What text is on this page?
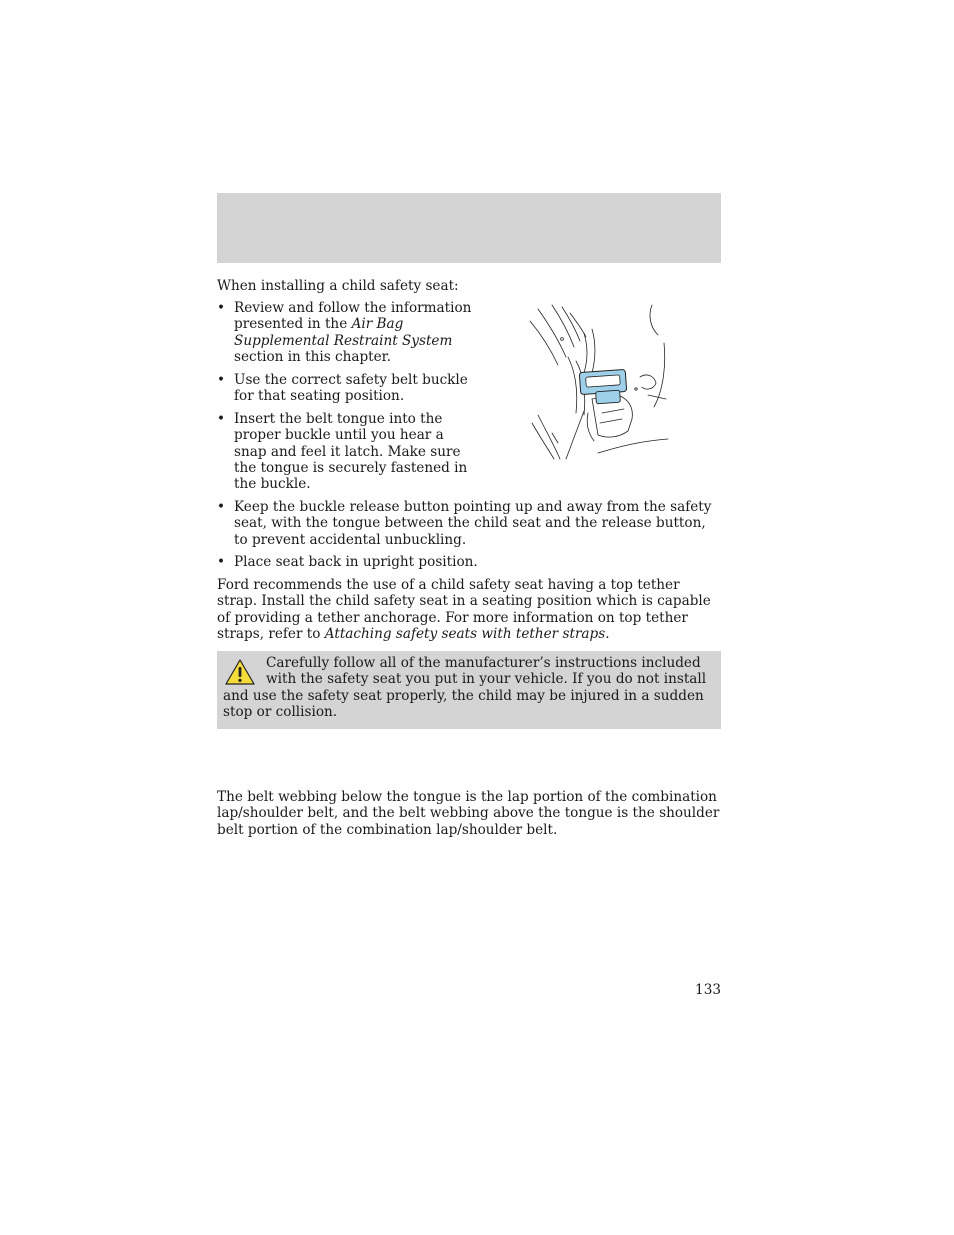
When installing a child safety seat:
• Review and follow the information
presented in the Air Bag
Supplemental Restraint System
section in this chapter.
• Use the correct safety belt buckle
for that seating position.
• Insert the belt tongue into the
proper buckle until you hear a
snap and feel it latch. Make sure
the tongue is securely fastened in
the buckle.
• Keep the buckle release button pointing up and away from the safety
seat, with the tongue between the child seat and the release button,
to prevent accidental unbuckling.
• Place seat back in upright position.
Ford recommends the use of a child safety seat having a top tether
strap. Install the child safety seat in a seating position which is capable
of providing a tether anchorage. For more information on top tether
straps, refer to Attaching safety seats with tether straps.
Carefully follow all of the manufacturer’s instructions included
with the safety seat you put in your vehicle. If you do not install
and use the safety seat properly, the child may be injured in a sudden
stop or collision.
The belt webbing below the tongue is the lap portion of the combination
lap/shoulder belt, and the belt webbing above the tongue is the shoulder
belt portion of the combination lap/shoulder belt.
133
